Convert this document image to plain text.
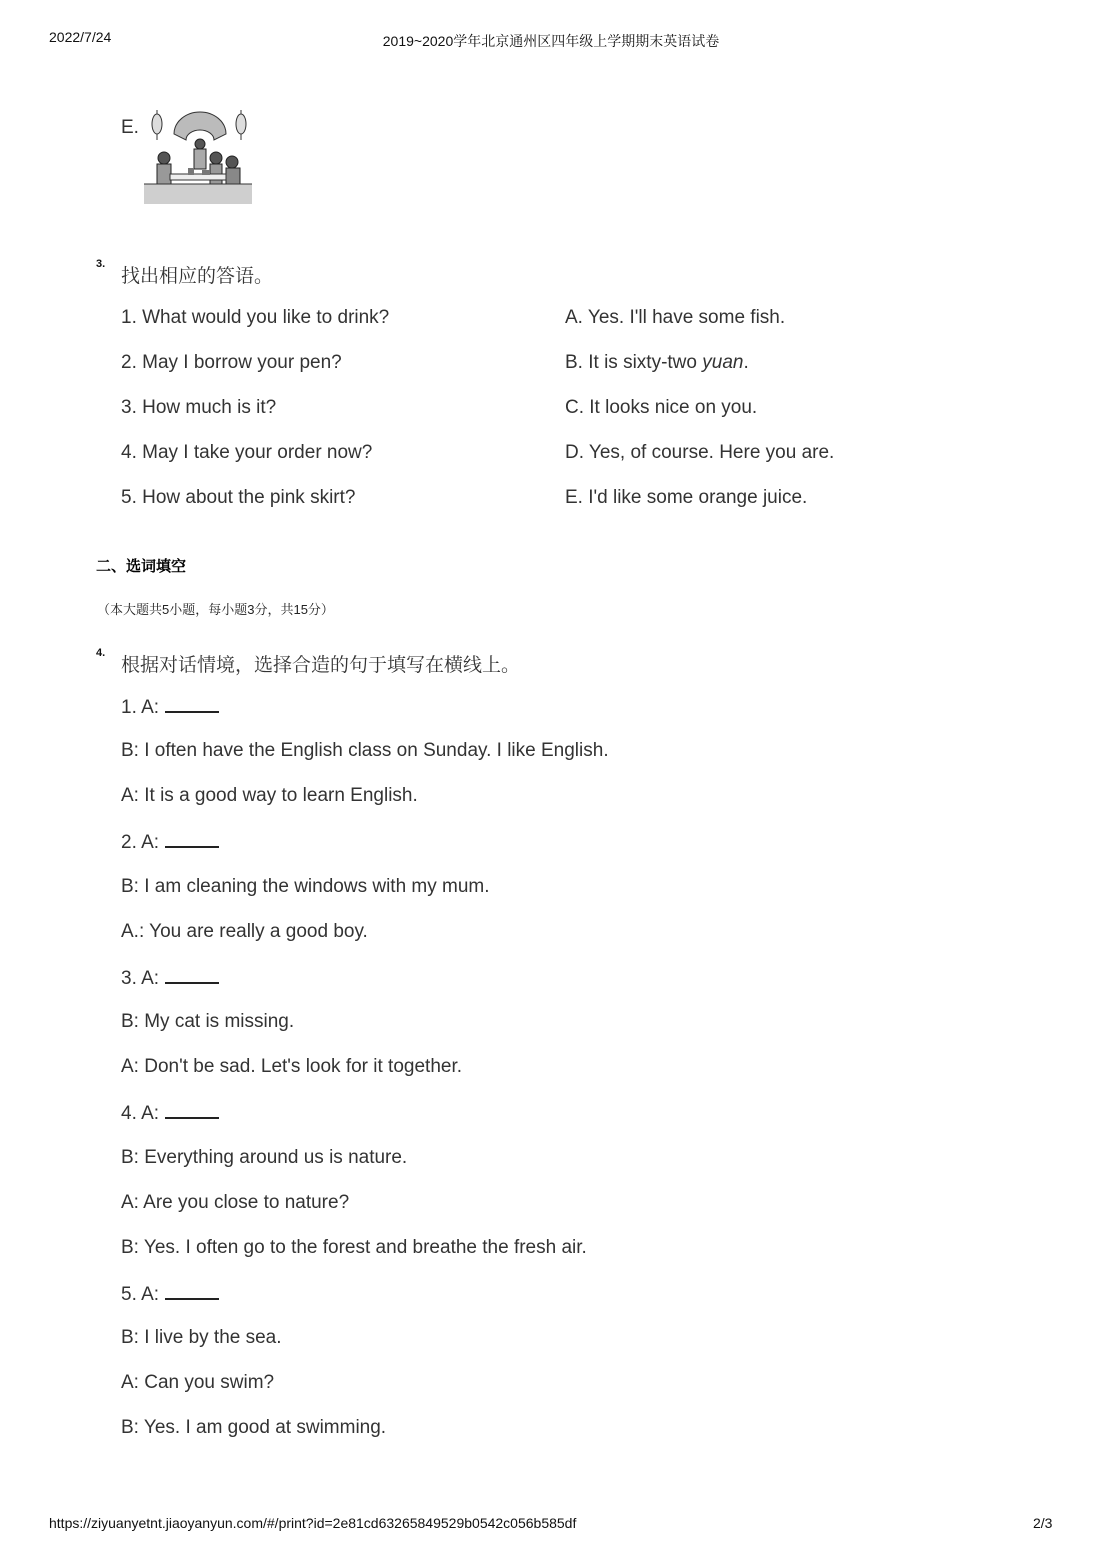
2022/7/24	2019~2020学年北京通州区四年级上学期期末英语试卷
E.
3.
找出相应的答语。
1. What would you like to drink?
2. May I borrow your pen?
3. How much is it?
4. May I take your order now?
5. How about the pink skirt?
A. Yes. I'll have some fish.
B. It is sixty-two yuan.
C. It looks nice on you.
D. Yes, of course. Here you are.
E. I'd like some orange juice.
二、选词填空
（本大题共5小题，每小题3分，共15分）
4.
根据对话情境，选择合造的句于填写在横线上。
1. A:
B: I often have the English class on Sunday. I like English.
A: It is a good way to learn English.
2. A:
B: I am cleaning the windows with my mum.
A.: You are really a good boy.
3. A:
B: My cat is missing.
A: Don't be sad. Let's look for it together.
4. A:
B: Everything around us is nature.
A: Are you close to nature?
B: Yes. I often go to the forest and breathe the fresh air.
5. A:
B: I live by the sea.
A: Can you swim?
B: Yes. I am good at swimming.
https://ziyuanyetnt.jiaoyanyun.com/#/print?id=2e81cd63265849529b0542c056b585df	2/3
